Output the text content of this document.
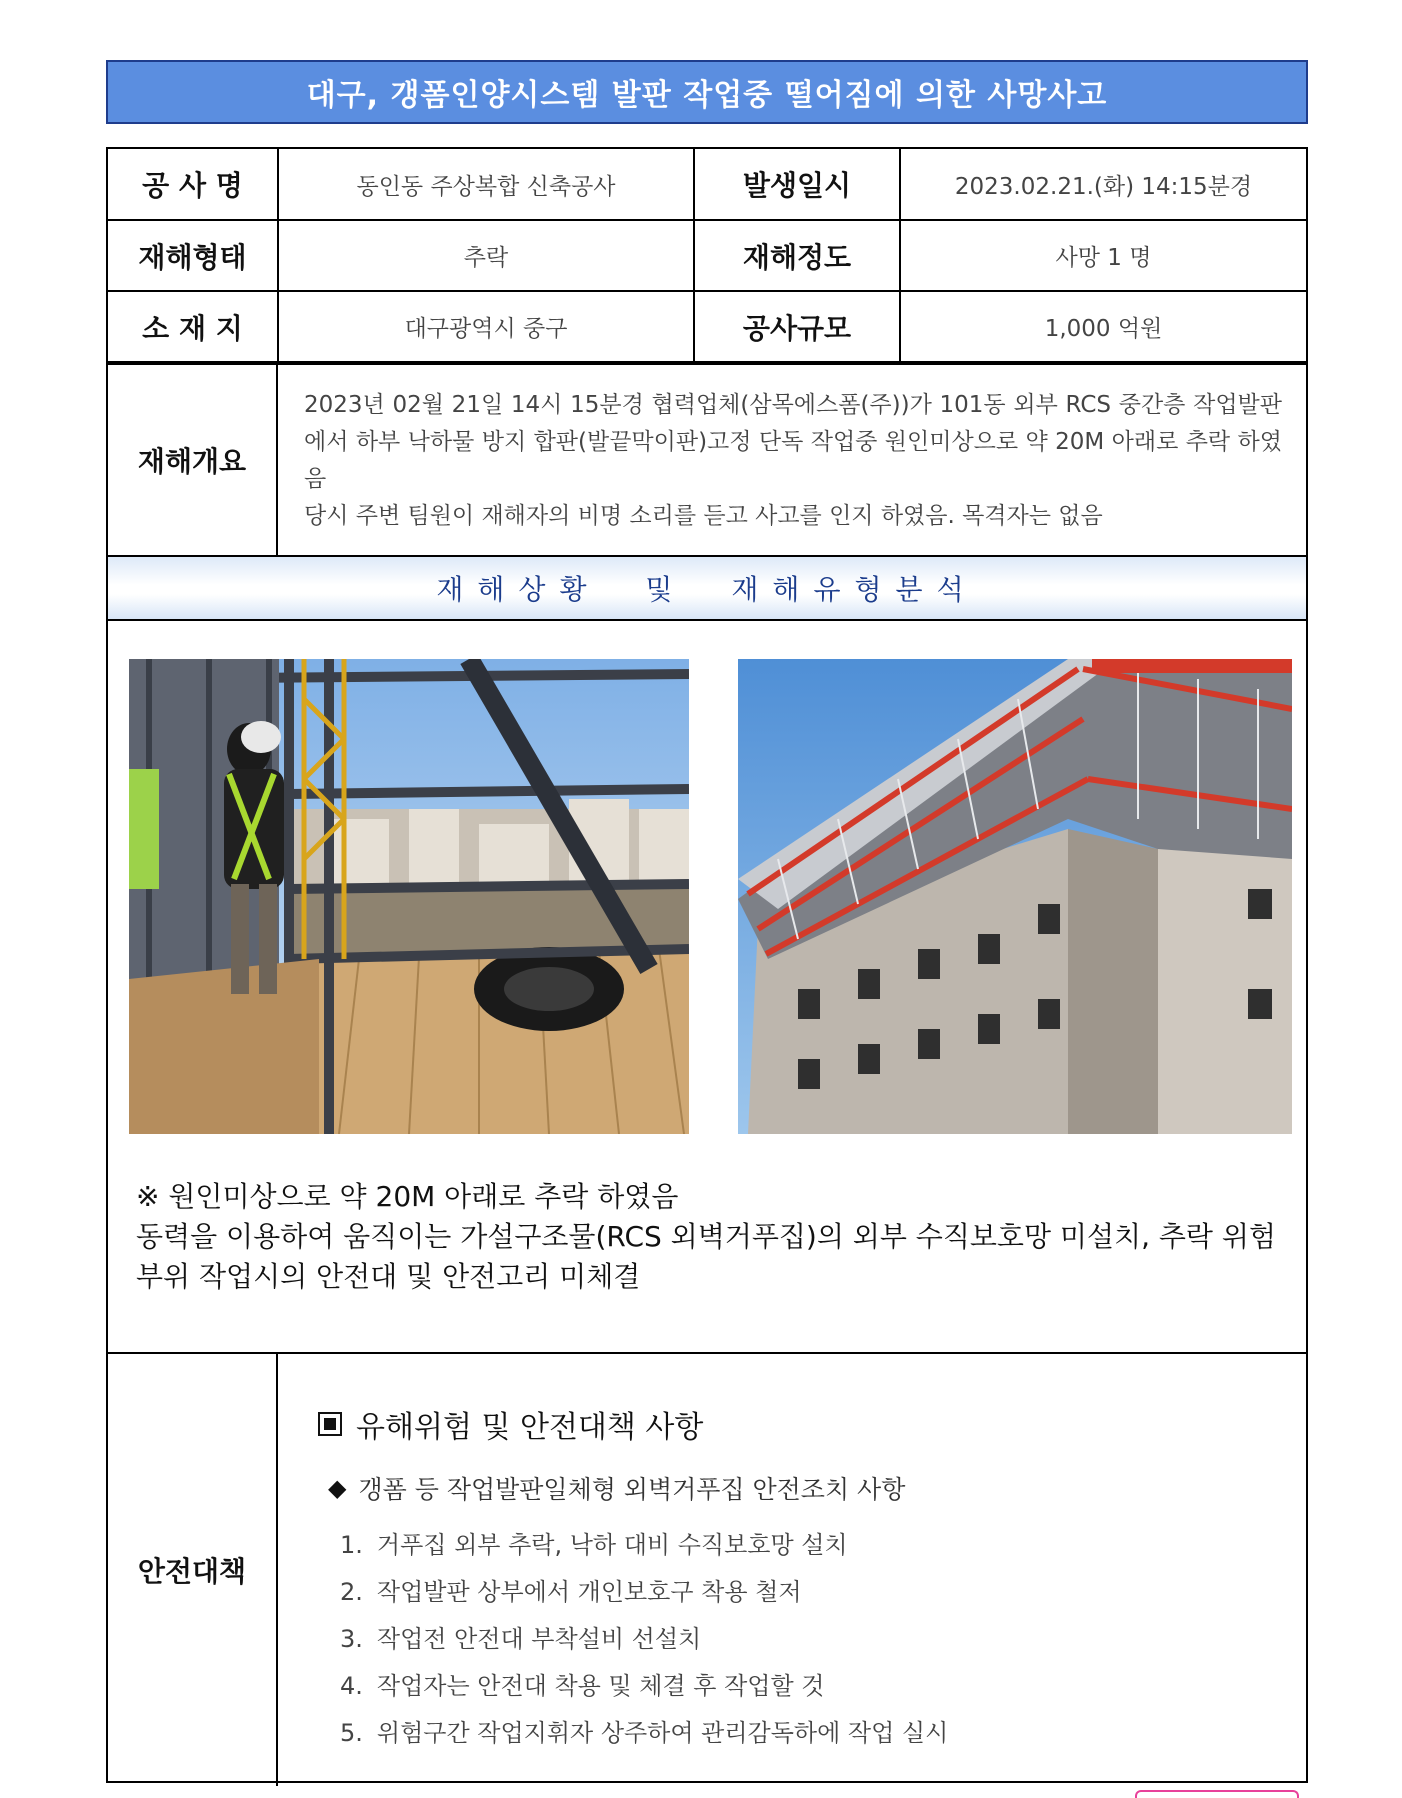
대구, 갱폼인양시스템 발판 작업중 떨어짐에 의한 사망사고
공 사 명	동인동 주상복합 신축공사	발생일시	2023.02.21.(화) 14:15분경
재해형태	추락	재해정도	사망 1 명
소 재 지	대구광역시 중구	공사규모	1,000 억원
재해개요
2023년 02월 21일 14시 15분경 협력업체(삼목에스폼(주))가 101동 외부 RCS 중간층 작업발판에서 하부 낙하물 방지 합판(발끝막이판)고정 단독 작업중 원인미상으로 약 20M 아래로 추락 하였음
당시 주변 팀원이 재해자의 비명 소리를 듣고 사고를 인지 하였음. 목격자는 없음
재해상황 및 재해유형분석
※ 원인미상으로 약 20M 아래로 추락 하였음
동력을 이용하여 움직이는 가설구조물(RCS 외벽거푸집)의 외부 수직보호망 미설치, 추락 위험부위 작업시의 안전대 및 안전고리 미체결
안전대책
유해위험 및 안전대책 사항
◆ 갱폼 등 작업발판일체형 외벽거푸집 안전조치 사항
1. 거푸집 외부 추락, 낙하 대비 수직보호망 설치
2. 작업발판 상부에서 개인보호구 착용 철저
3. 작업전 안전대 부착설비 선설치
4. 작업자는 안전대 착용 및 체결 후 작업할 것
5. 위험구간 작업지휘자 상주하여 관리감독하에 작업 실시
